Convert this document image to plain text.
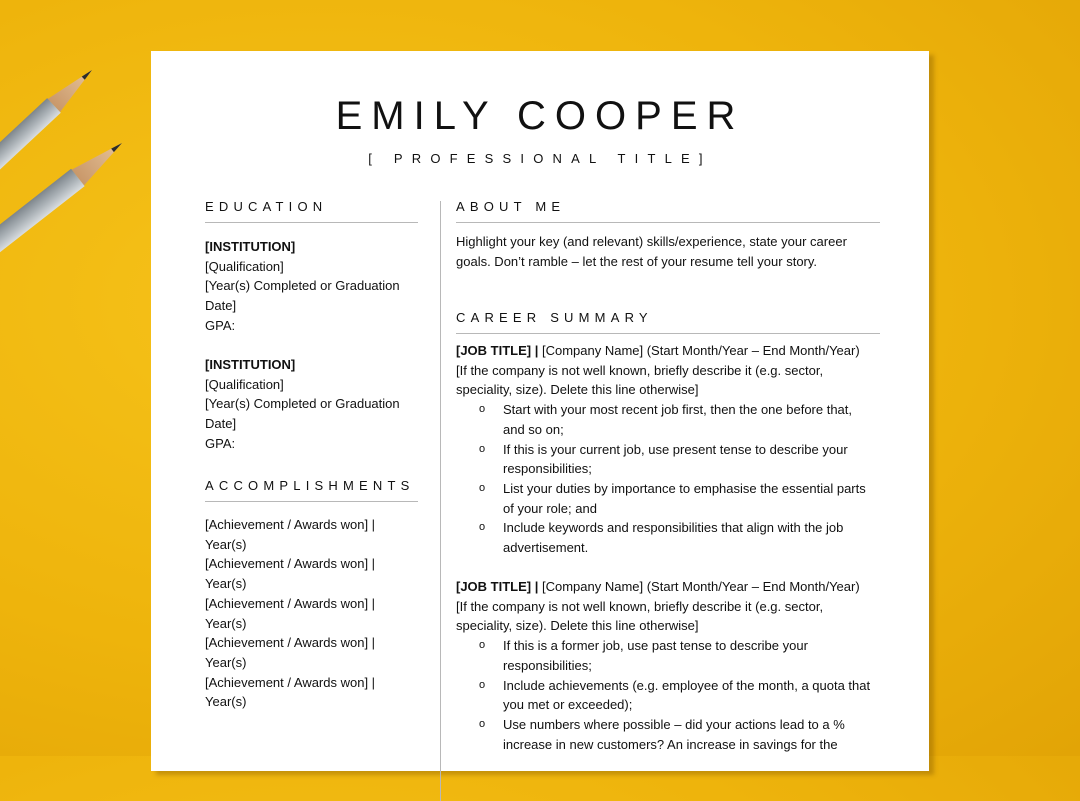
EMILY COOPER
[ PROFESSIONAL TITLE]
EDUCATION
[INSTITUTION]
[Qualification]
[Year(s) Completed or Graduation
Date]
GPA:
[INSTITUTION]
[Qualification]
[Year(s) Completed or Graduation
Date]
GPA:
ACCOMPLISHMENTS
[Achievement / Awards won] |
Year(s)
[Achievement / Awards won] |
Year(s)
[Achievement / Awards won] |
Year(s)
[Achievement / Awards won] |
Year(s)
[Achievement / Awards won] |
Year(s)
ABOUT ME
Highlight your key (and relevant) skills/experience, state your career
goals. Don’t ramble – let the rest of your resume tell your story.
CAREER SUMMARY
[JOB TITLE] | [Company Name] (Start Month/Year – End Month/Year)
[If the company is not well known, briefly describe it (e.g. sector,
speciality, size). Delete this line otherwise]
o Start with your most recent job first, then the one before that,
and so on;
o If this is your current job, use present tense to describe your
responsibilities;
o List your duties by importance to emphasise the essential parts
of your role; and
o Include keywords and responsibilities that align with the job
advertisement.
[JOB TITLE] | [Company Name] (Start Month/Year – End Month/Year)
[If the company is not well known, briefly describe it (e.g. sector,
speciality, size). Delete this line otherwise]
o If this is a former job, use past tense to describe your
responsibilities;
o Include achievements (e.g. employee of the month, a quota that
you met or exceeded);
o Use numbers where possible – did your actions lead to a %
increase in new customers? An increase in savings for the
